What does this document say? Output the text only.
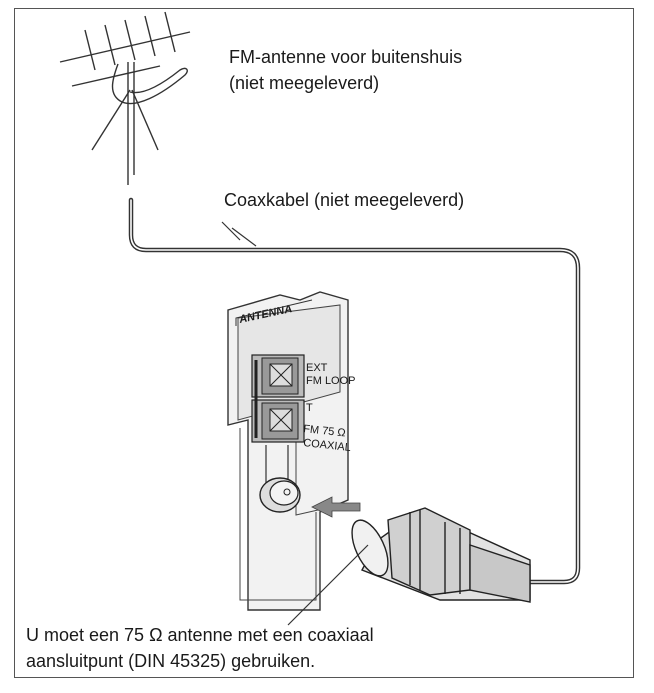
ANTENNA
EXT
FM LOOP
T
FM 75 Ω
COAXIAL
FM-antenne voor buitenshuis
(niet meegeleverd)
Coaxkabel (niet meegeleverd)
U moet een 75 Ω antenne met een coaxiaal
aansluitpunt (DIN 45325) gebruiken.
